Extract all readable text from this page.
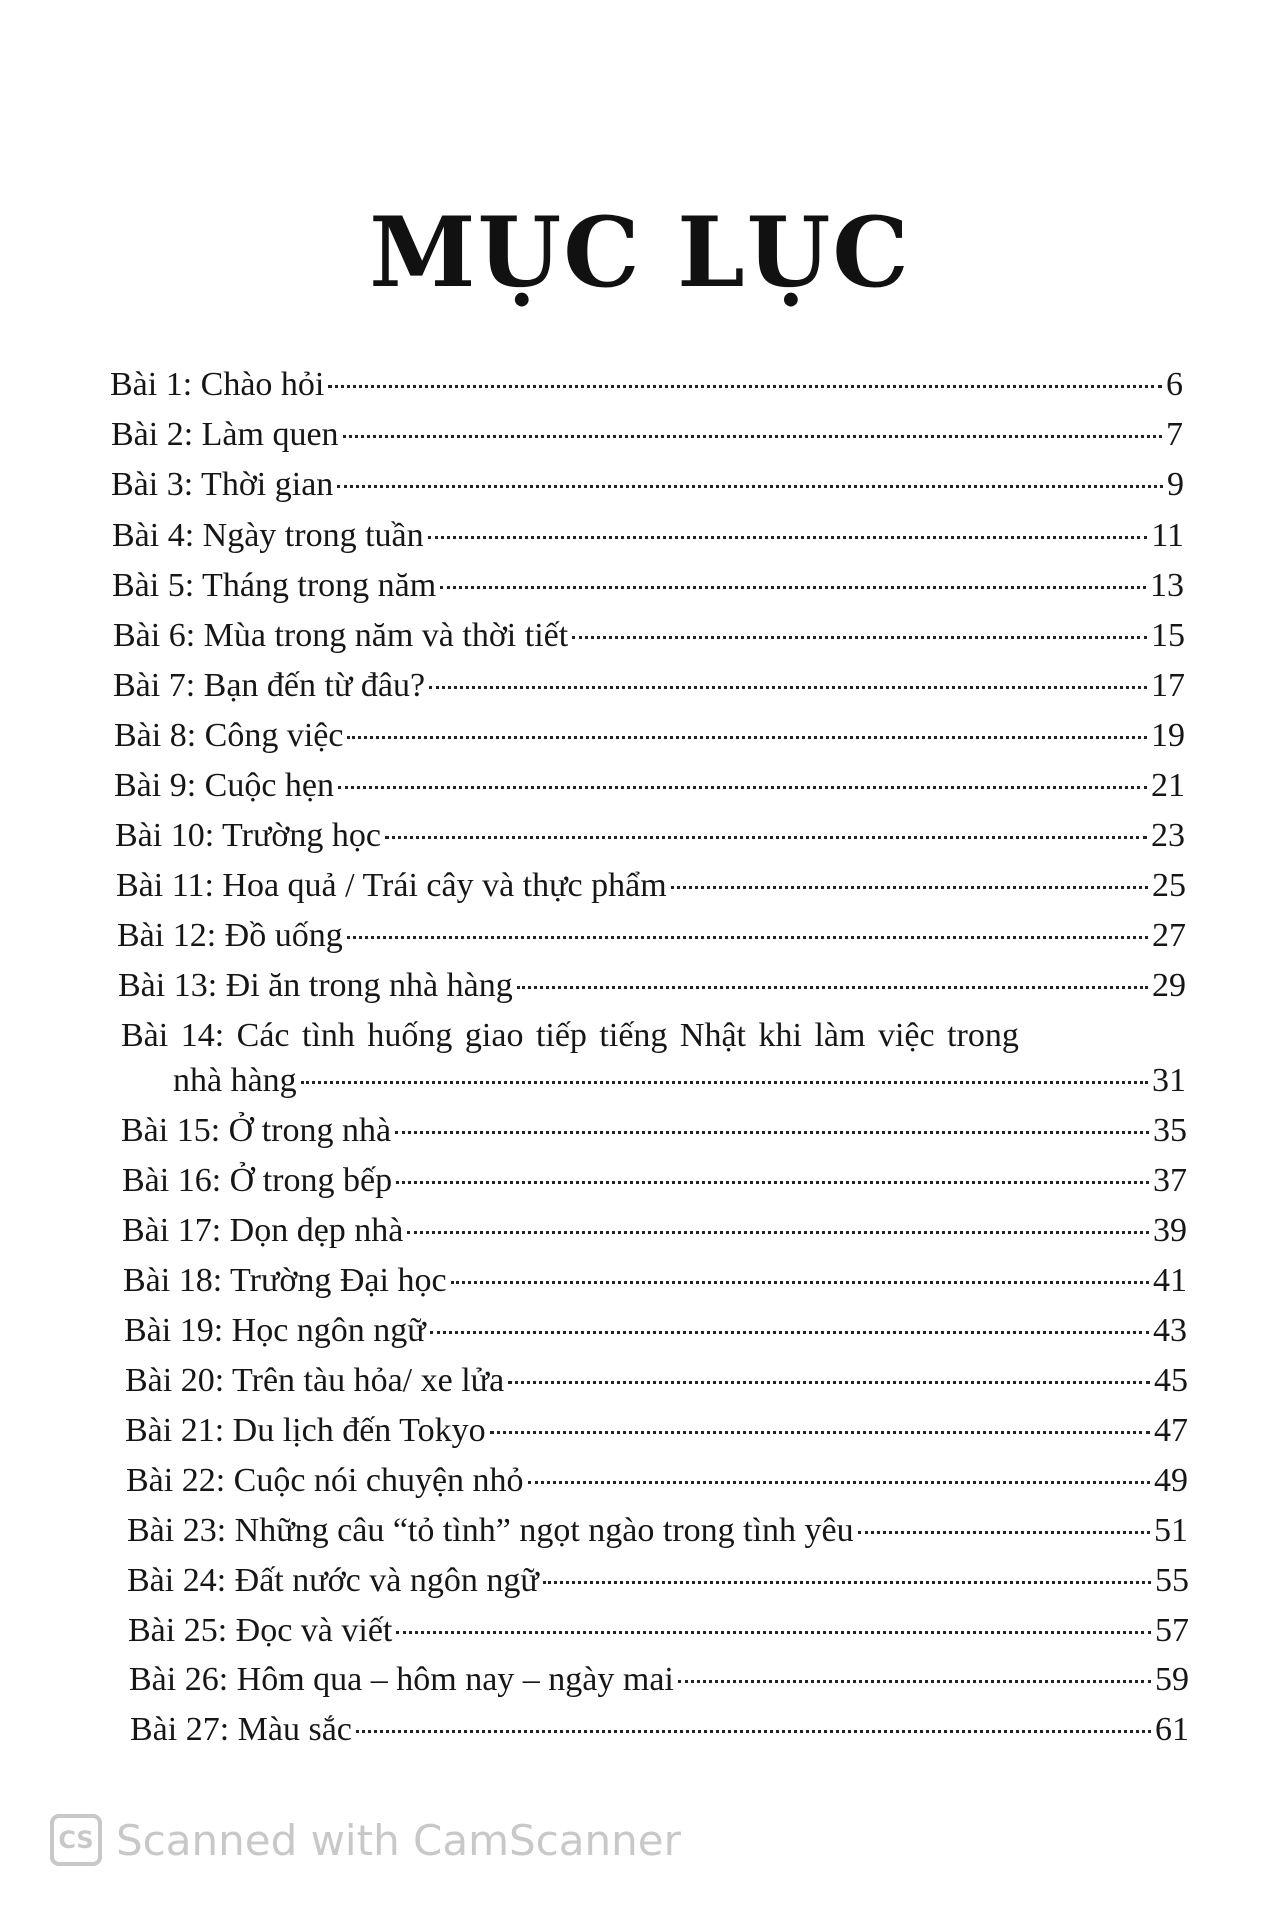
MỤC LỤC
Bài 1: Chào hỏi	6
Bài 2: Làm quen	7
Bài 3: Thời gian	9
Bài 4: Ngày trong tuần	11
Bài 5: Tháng trong năm	13
Bài 6: Mùa trong năm và thời tiết	15
Bài 7: Bạn đến từ đâu?	17
Bài 8: Công việc	19
Bài 9: Cuộc hẹn	21
Bài 10: Trường học	23
Bài 11: Hoa quả / Trái cây và thực phẩm	25
Bài 12: Đồ uống	27
Bài 13: Đi ăn trong nhà hàng	29
Bài 14: Các tình huống giao tiếp tiếng Nhật khi làm việc trong
nhà hàng	31
Bài 15: Ở trong nhà	35
Bài 16: Ở trong bếp	37
Bài 17: Dọn dẹp nhà	39
Bài 18: Trường Đại học	41
Bài 19: Học ngôn ngữ	43
Bài 20: Trên tàu hỏa/ xe lửa	45
Bài 21: Du lịch đến Tokyo	47
Bài 22: Cuộc nói chuyện nhỏ	49
Bài 23: Những câu “tỏ tình” ngọt ngào trong tình yêu	51
Bài 24: Đất nước và ngôn ngữ	55
Bài 25: Đọc và viết	57
Bài 26: Hôm qua – hôm nay – ngày mai	59
Bài 27: Màu sắc	61
CS Scanned with CamScanner
